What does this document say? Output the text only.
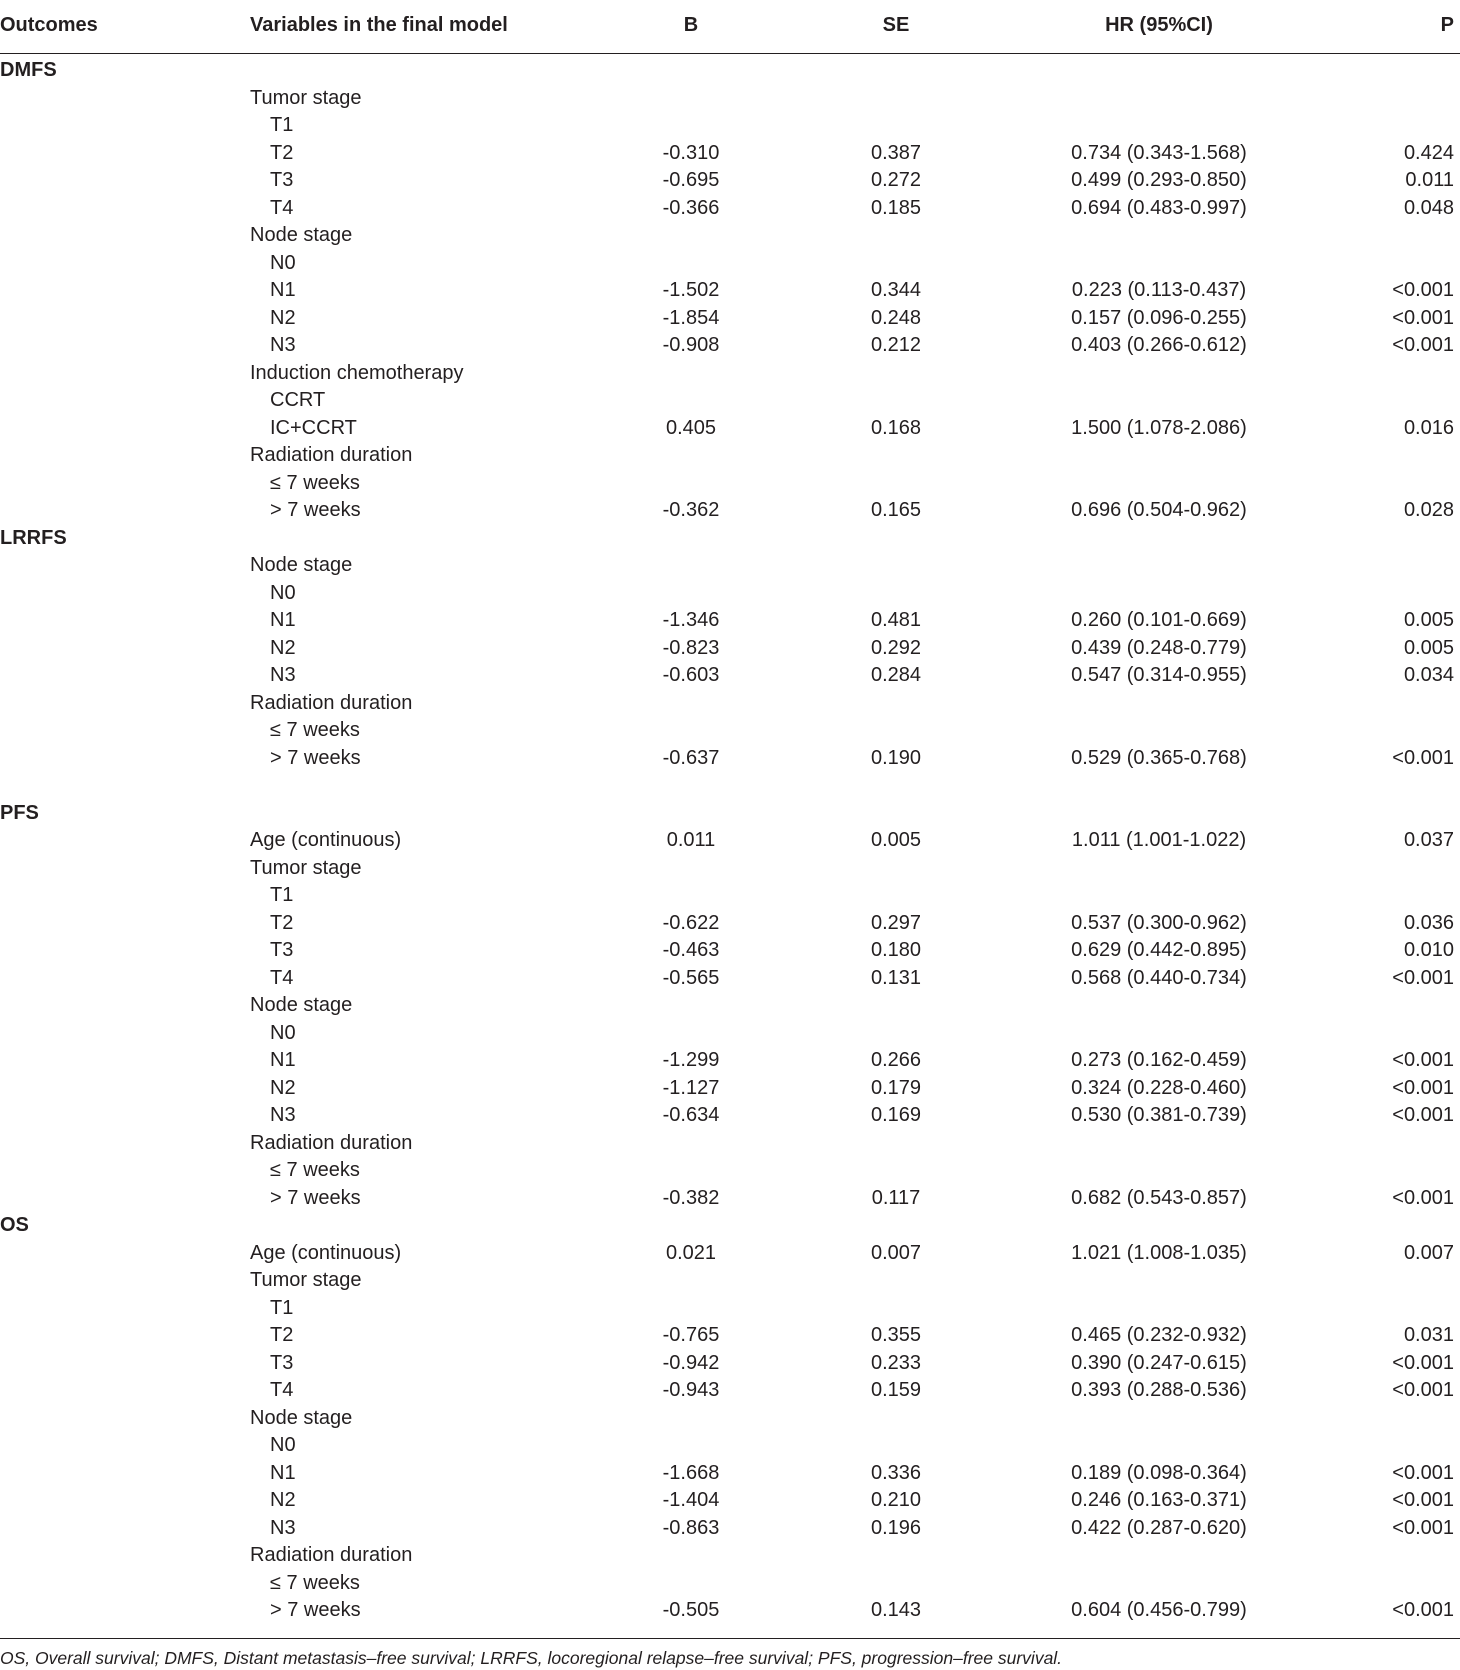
Outcomes	Variables in the final model	B	SE	HR (95%CI)	P
DMFS
Tumor stage
T1
T2	-0.310	0.387	0.734 (0.343-1.568)	0.424
T3	-0.695	0.272	0.499 (0.293-0.850)	0.011
T4	-0.366	0.185	0.694 (0.483-0.997)	0.048
Node stage
N0
N1	-1.502	0.344	0.223 (0.113-0.437)	<0.001
N2	-1.854	0.248	0.157 (0.096-0.255)	<0.001
N3	-0.908	0.212	0.403 (0.266-0.612)	<0.001
Induction chemotherapy
CCRT
IC+CCRT	0.405	0.168	1.500 (1.078-2.086)	0.016
Radiation duration
≤ 7 weeks
> 7 weeks	-0.362	0.165	0.696 (0.504-0.962)	0.028
LRRFS
Node stage
N0
N1	-1.346	0.481	0.260 (0.101-0.669)	0.005
N2	-0.823	0.292	0.439 (0.248-0.779)	0.005
N3	-0.603	0.284	0.547 (0.314-0.955)	0.034
Radiation duration
≤ 7 weeks
> 7 weeks	-0.637	0.190	0.529 (0.365-0.768)	<0.001
PFS
Age (continuous)	0.011	0.005	1.011 (1.001-1.022)	0.037
Tumor stage
T1
T2	-0.622	0.297	0.537 (0.300-0.962)	0.036
T3	-0.463	0.180	0.629 (0.442-0.895)	0.010
T4	-0.565	0.131	0.568 (0.440-0.734)	<0.001
Node stage
N0
N1	-1.299	0.266	0.273 (0.162-0.459)	<0.001
N2	-1.127	0.179	0.324 (0.228-0.460)	<0.001
N3	-0.634	0.169	0.530 (0.381-0.739)	<0.001
Radiation duration
≤ 7 weeks
> 7 weeks	-0.382	0.117	0.682 (0.543-0.857)	<0.001
OS
Age (continuous)	0.021	0.007	1.021 (1.008-1.035)	0.007
Tumor stage
T1
T2	-0.765	0.355	0.465 (0.232-0.932)	0.031
T3	-0.942	0.233	0.390 (0.247-0.615)	<0.001
T4	-0.943	0.159	0.393 (0.288-0.536)	<0.001
Node stage
N0
N1	-1.668	0.336	0.189 (0.098-0.364)	<0.001
N2	-1.404	0.210	0.246 (0.163-0.371)	<0.001
N3	-0.863	0.196	0.422 (0.287-0.620)	<0.001
Radiation duration
≤ 7 weeks
> 7 weeks	-0.505	0.143	0.604 (0.456-0.799)	<0.001
OS, Overall survival; DMFS, Distant metastasis–free survival; LRRFS, locoregional relapse–free survival; PFS, progression–free survival.
